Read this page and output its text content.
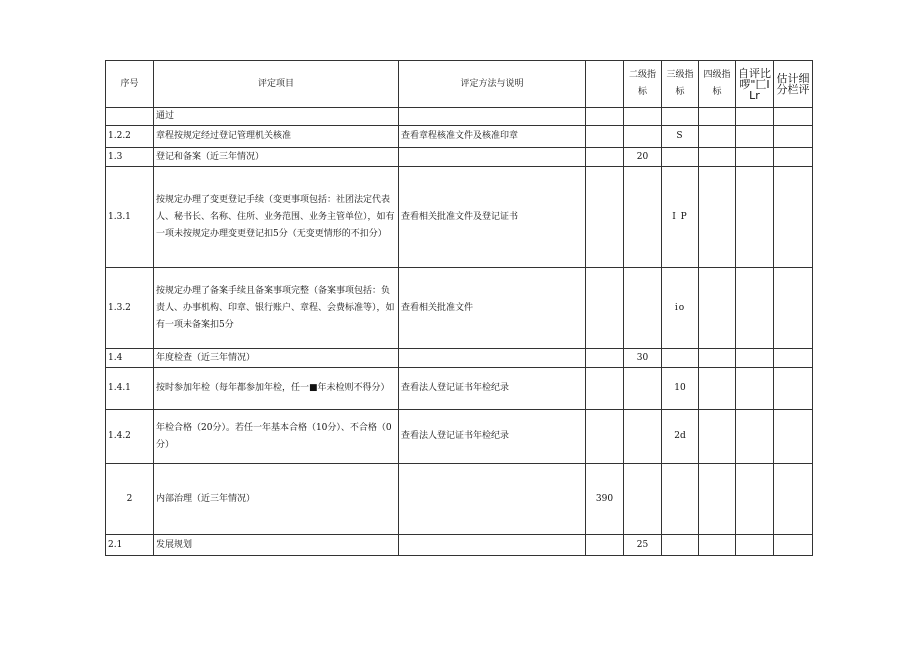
序号	评定项目	评定方法与说明		二级指标	三级指标	四级指标	自评比啰"匚ILr	估计细分栏评
	通过							
1.2.2	章程按规定经过登记管理机关核准	查看章程核准文件及核准印章			S			
1.3	登记和备案（近三年情况）			20				
1.3.1	按规定办理了变更登记手续（变更事项包括：社团法定代表人、秘书长、名称、住所、业务范围、业务主管单位），如有一项未按规定办理变更登记扣5分（无变更情形的不扣分）	查看相关批准文件及登记证书			I P			
1.3.2	按规定办理了备案手续且备案事项完整（备案事项包括：负责人、办事机构、印章、银行账户、章程、会费标准等），如有一项未备案扣5分	查看相关批准文件			io			
1.4	年度检查（近三年情况）			30				
1.4.1	按时参加年检（每年都参加年检，任一■年未检则不得分）	查看法人登记证书年检纪录			10			
1.4.2	年检合格（20分）。若任一年基本合格（10分）、不合格（0分）	查看法人登记证书年检纪录			2d			
2	内部治理（近三年情况）		390					
2.1	发展规划			25				
